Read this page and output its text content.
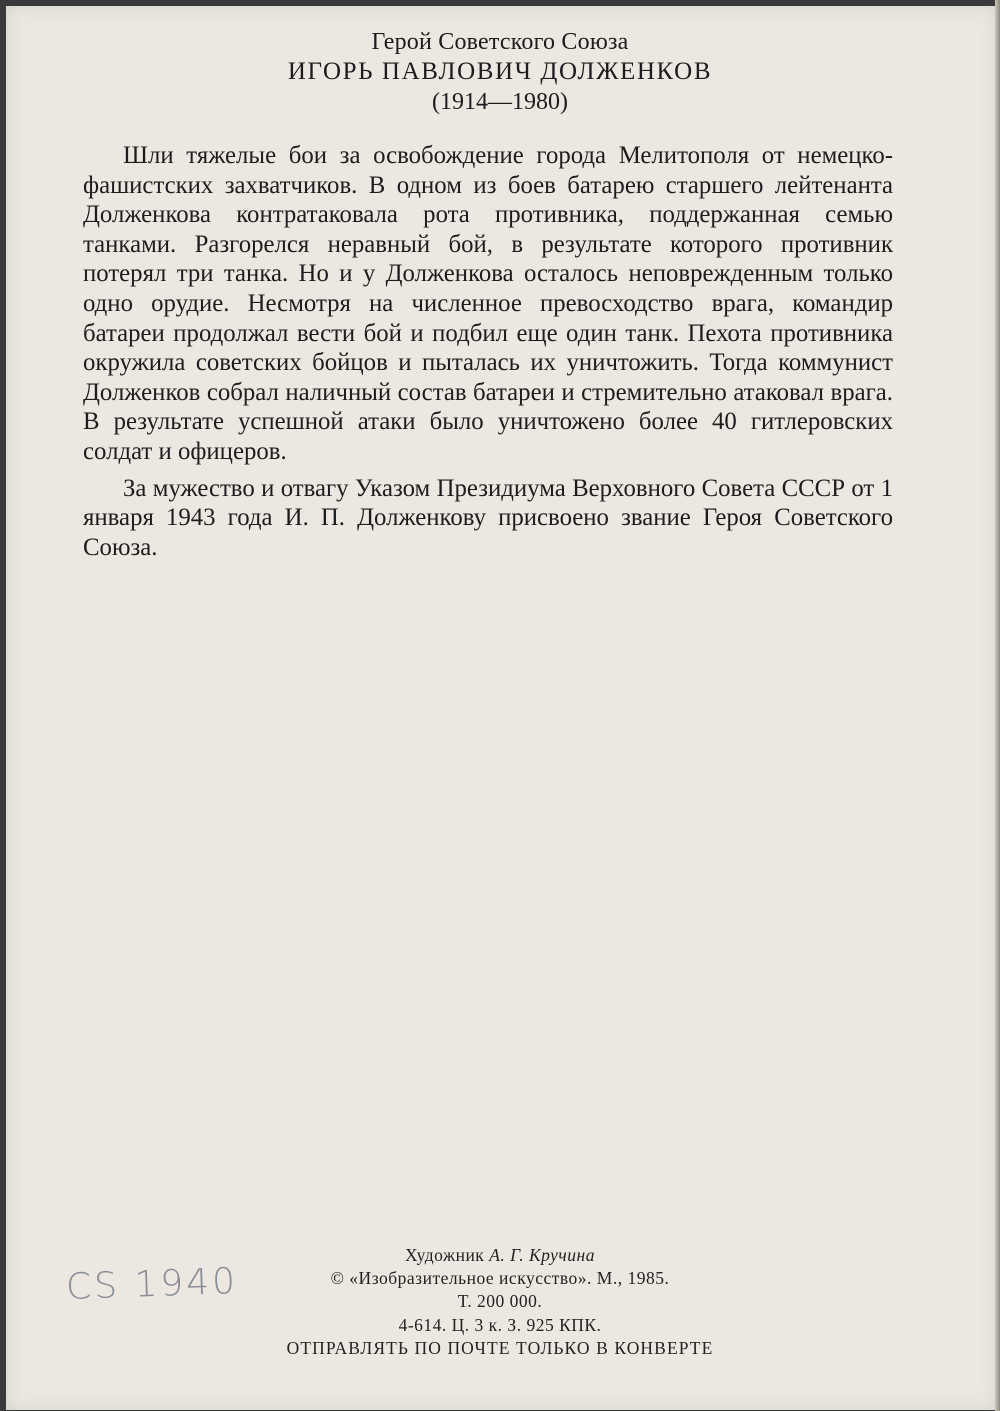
Герой Советского Союза
ИГОРЬ ПАВЛОВИЧ ДОЛЖЕНКОВ
(1914—1980)

Шли тяжелые бои за освобождение города Мелитополя от немецко-фашистских захватчиков. В одном из боев батарею старшего лейтенанта Долженкова контратаковала рота противника, поддержанная семью танками. Разгорелся неравный бой, в результате которого противник потерял три танка. Но и у Долженкова осталось неповрежденным только одно орудие. Несмотря на численное превосходство врага, командир батареи продолжал вести бой и подбил еще один танк. Пехота противника окружила советских бойцов и пыталась их уничтожить. Тогда коммунист Долженков собрал наличный состав батареи и стремительно атаковал врага. В результате успешной атаки было уничтожено более 40 гитлеровских солдат и офицеров.

За мужество и отвагу Указом Президиума Верховного Совета СССР от 1 января 1943 года И. П. Долженкову присвоено звание Героя Советского Союза.

CS 1940
Художник А. Г. Кручина
© «Изобразительное искусство». М., 1985.
Т. 200 000.
4-614. Ц. 3 к. З. 925 КПК.
ОТПРАВЛЯТЬ ПО ПОЧТЕ ТОЛЬКО В КОНВЕРТЕ
